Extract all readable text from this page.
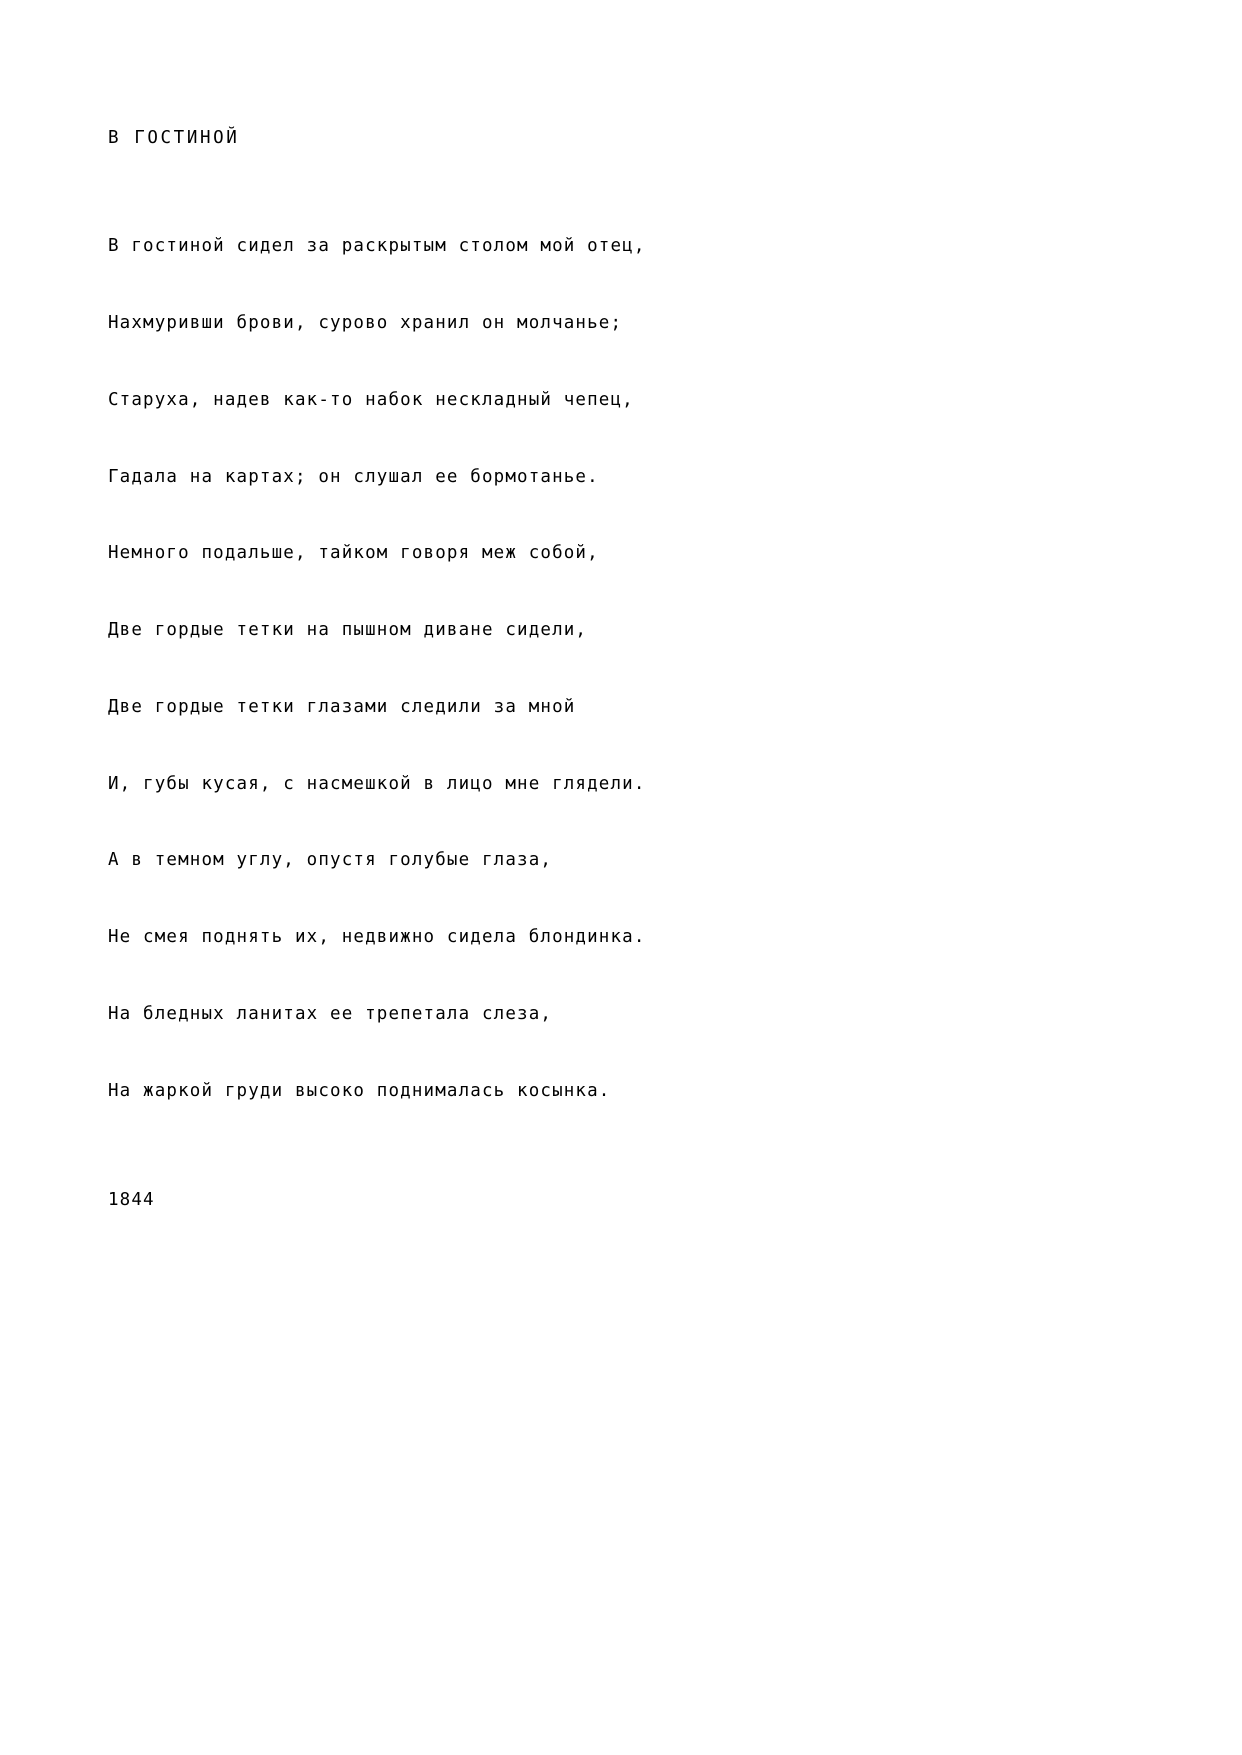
В ГОСТИНОЙ

В гостиной сидел за раскрытым столом мой отец,

Нахмуривши брови, сурово хранил он молчанье;

Старуха, надев как-то набок нескладный чепец,

Гадала на картах; он слушал ее бормотанье.

Немного подальше, тайком говоря меж собой,

Две гордые тетки на пышном диване сидели,

Две гордые тетки глазами следили за мной

И, губы кусая, с насмешкой в лицо мне глядели.

А в темном углу, опустя голубые глаза,

Не смея поднять их, недвижно сидела блондинка.

На бледных ланитах ее трепетала слеза,

На жаркой груди высоко поднималась косынка.

1844
